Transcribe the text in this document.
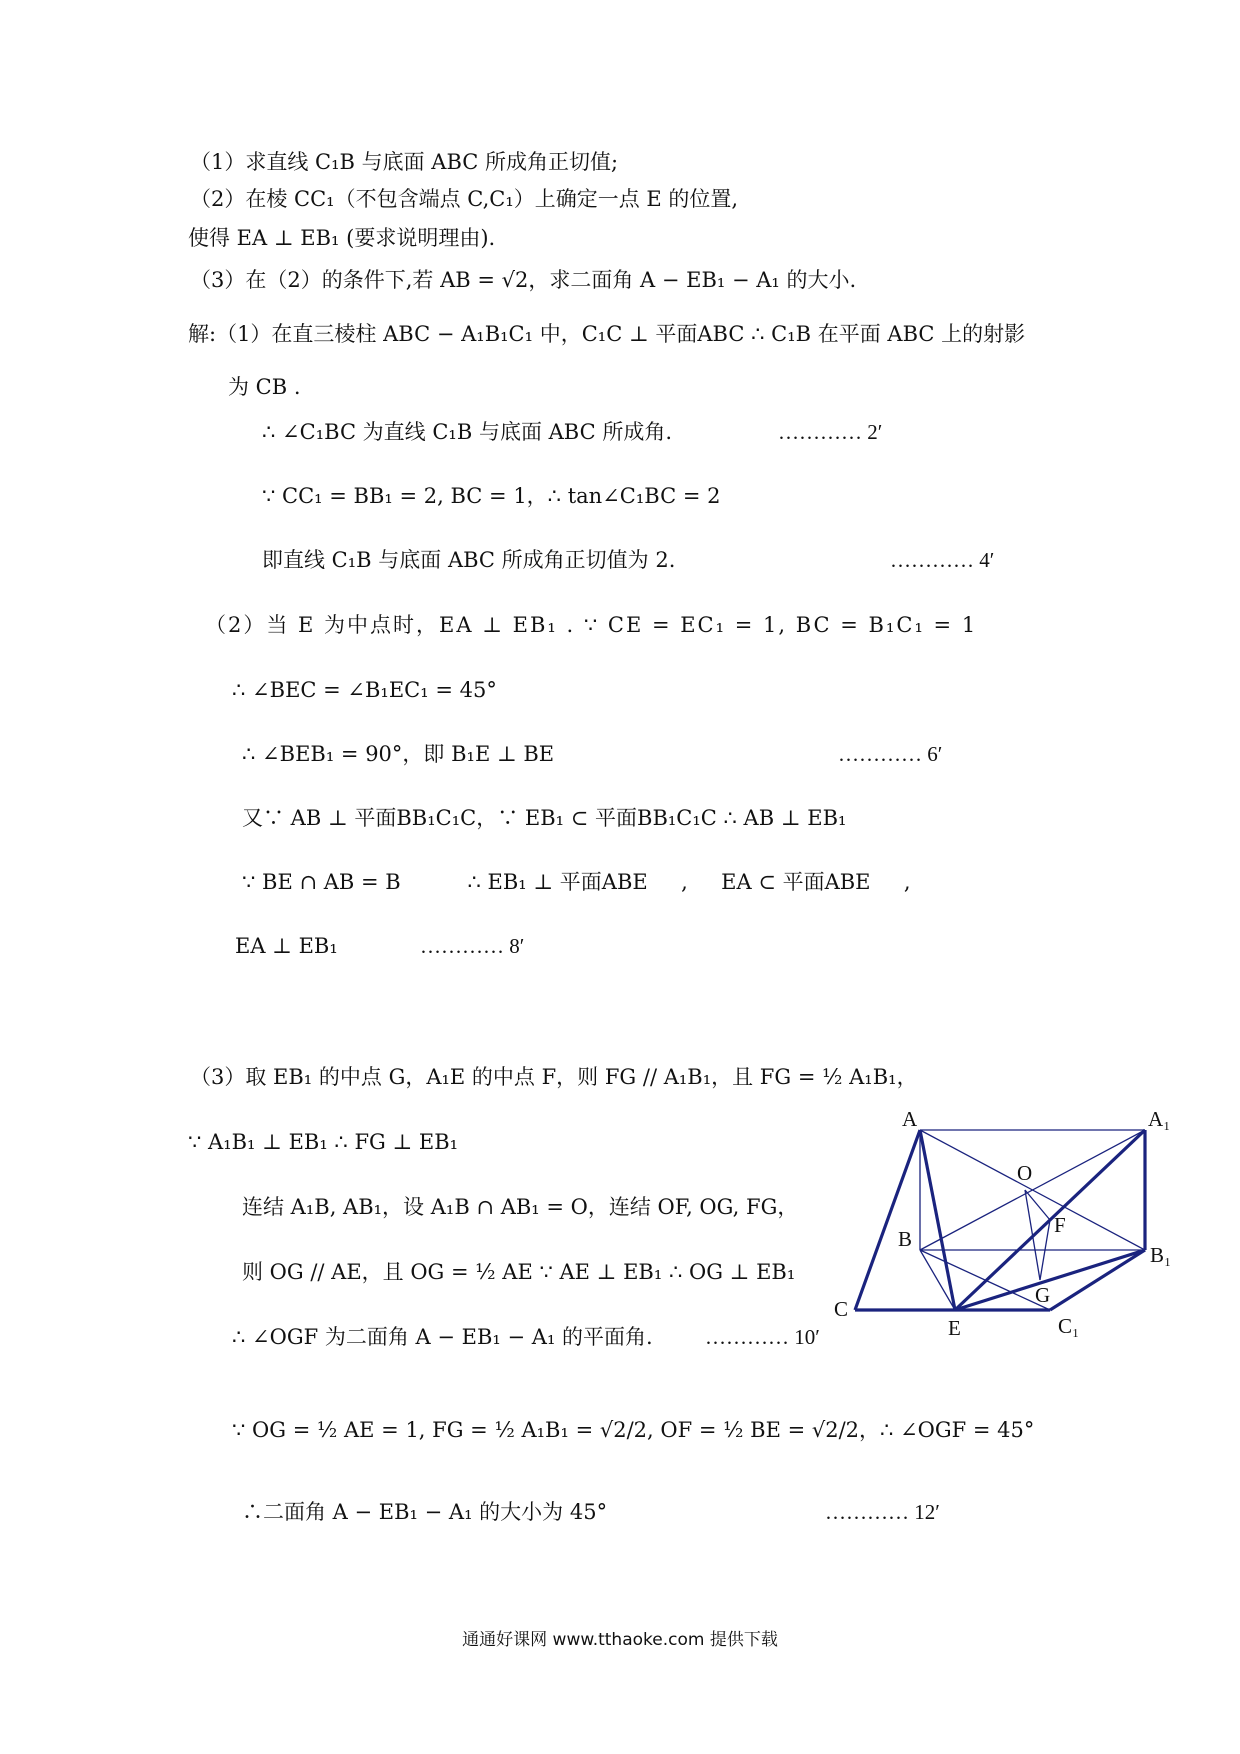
（1）求直线 C₁B 与底面 ABC 所成角正切值;
（2）在棱 CC₁（不包含端点 C,C₁）上确定一点 E 的位置,
使得 EA ⊥ EB₁ (要求说明理由).
（3）在（2）的条件下,若 AB = √2，求二面角 A − EB₁ − A₁ 的大小.
解:（1）在直三棱柱 ABC − A₁B₁C₁ 中，C₁C ⊥ 平面ABC ∴ C₁B 在平面 ABC 上的射影
为 CB .
∴ ∠C₁BC 为直线 C₁B 与底面 ABC 所成角.	………… 2′
∵ CC₁ = BB₁ = 2, BC = 1，∴ tan∠C₁BC = 2
即直线 C₁B 与底面 ABC 所成角正切值为 2.	………… 4′
（2）当 E 为中点时，EA ⊥ EB₁ . ∵ CE = EC₁ = 1, BC = B₁C₁ = 1
∴ ∠BEC = ∠B₁EC₁ = 45°
∴ ∠BEB₁ = 90°，即 B₁E ⊥ BE	………… 6′
又∵ AB ⊥ 平面BB₁C₁C，∵ EB₁ ⊂ 平面BB₁C₁C ∴ AB ⊥ EB₁
∵ BE ∩ AB = B          ∴ EB₁ ⊥ 平面ABE     ,     EA ⊂ 平面ABE     ,
EA ⊥ EB₁	………… 8′
（3）取 EB₁ 的中点 G，A₁E 的中点 F，则 FG // A₁B₁，且 FG = ½ A₁B₁，
∵ A₁B₁ ⊥ EB₁ ∴ FG ⊥ EB₁
连结 A₁B, AB₁，设 A₁B ∩ AB₁ = O，连结 OF, OG, FG，
则 OG // AE，且 OG = ½ AE ∵ AE ⊥ EB₁ ∴ OG ⊥ EB₁
∴ ∠OGF 为二面角 A − EB₁ − A₁ 的平面角. ………… 10′
∵ OG = ½ AE = 1, FG = ½ A₁B₁ = √2/2, OF = ½ BE = √2/2，∴ ∠OGF = 45°
∴二面角 A − EB₁ − A₁ 的大小为 45°	………… 12′
A	A₁
O
B
F
B₁
G
C
E	C₁
通通好课网 www.tthaoke.com 提供下载
